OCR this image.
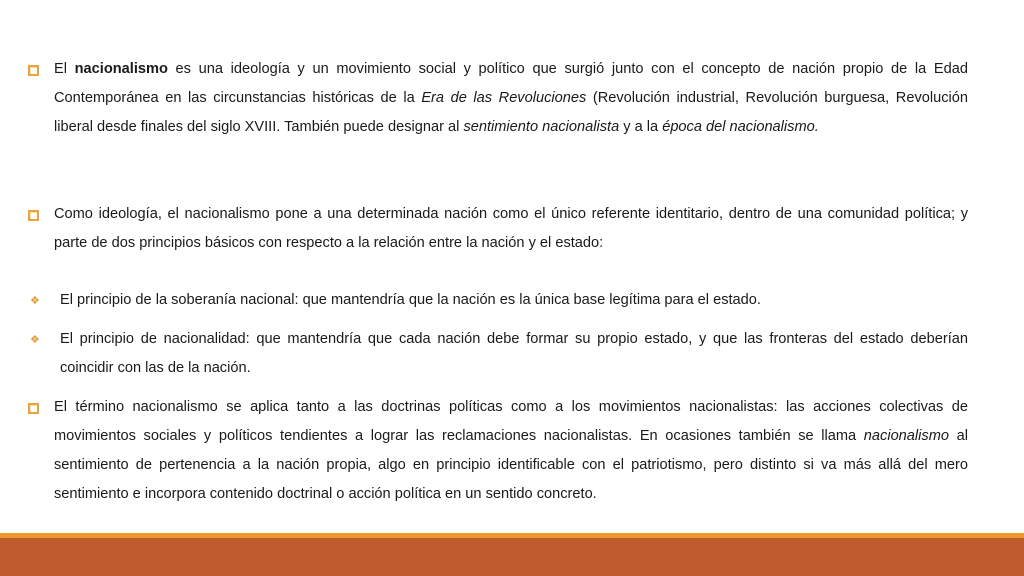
El nacionalismo es una ideología y un movimiento social y político que surgió junto con el concepto de nación propio de la Edad Contemporánea en las circunstancias históricas de la Era de las Revoluciones (Revolución industrial, Revolución burguesa, Revolución liberal desde finales del siglo XVIII. También puede designar al sentimiento nacionalista y a la época del nacionalismo.
Como ideología, el nacionalismo pone a una determinada nación como el único referente identitario, dentro de una comunidad política; y parte de dos principios básicos con respecto a la relación entre la nación y el estado:
❖ El principio de la soberanía nacional: que mantendría que la nación es la única base legítima para el estado.
❖ El principio de nacionalidad: que mantendría que cada nación debe formar su propio estado, y que las fronteras del estado deberían coincidir con las de la nación.
El término nacionalismo se aplica tanto a las doctrinas políticas como a los movimientos nacionalistas: las acciones colectivas de movimientos sociales y políticos tendientes a lograr las reclamaciones nacionalistas. En ocasiones también se llama nacionalismo al sentimiento de pertenencia a la nación propia, algo en principio identificable con el patriotismo, pero distinto si va más allá del mero sentimiento e incorpora contenido doctrinal o acción política en un sentido concreto.
